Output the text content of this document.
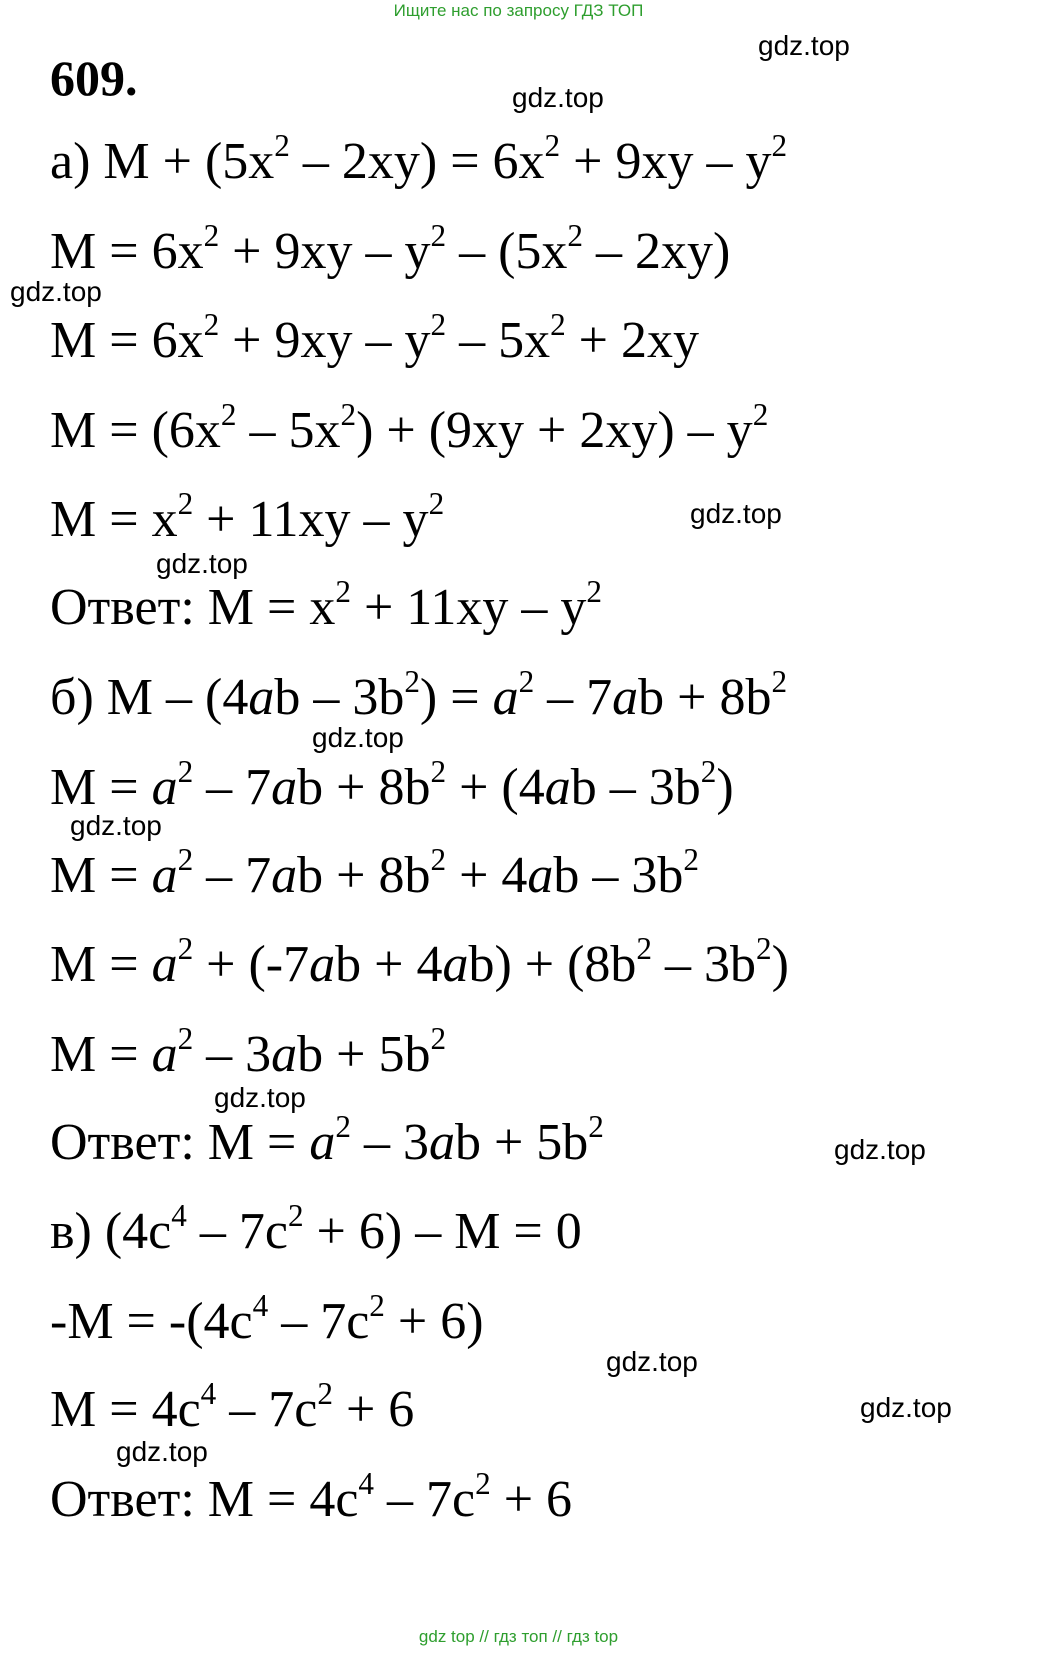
Ищите нас по запросу ГДЗ ТОП
609.
а) $M + (5x^2 - 2xy) = 6x^2 + 9xy - y^2$
$M = 6x^2 + 9xy - y^2 - (5x^2 - 2xy)$
$M = 6x^2 + 9xy - y^2 - 5x^2 + 2xy$
$M = (6x^2 - 5x^2) + (9xy + 2xy) - y^2$
$M = x^2 + 11xy - y^2$
Ответ: $M = x^2 + 11xy - y^2$
б) $M - (4ab - 3b^2) = a^2 - 7ab + 8b^2$
$M = a^2 - 7ab + 8b^2 + (4ab - 3b^2)$
$M = a^2 - 7ab + 8b^2 + 4ab - 3b^2$
$M = a^2 + (-7ab + 4ab) + (8b^2 - 3b^2)$
$M = a^2 - 3ab + 5b^2$
Ответ: $M = a^2 - 3ab + 5b^2$
в) $(4c^4 - 7c^2 + 6) - M = 0$
$-M = -(4c^4 - 7c^2 + 6)$
$M = 4c^4 - 7c^2 + 6$
Ответ: $M = 4c^4 - 7c^2 + 6$
gdz.top
gdz.top
gdz.top
gdz.top
gdz.top
gdz.top
gdz.top
gdz.top
gdz.top
gdz.top
gdz.top
gdz.top
gdz top // гдз топ // гдз top
